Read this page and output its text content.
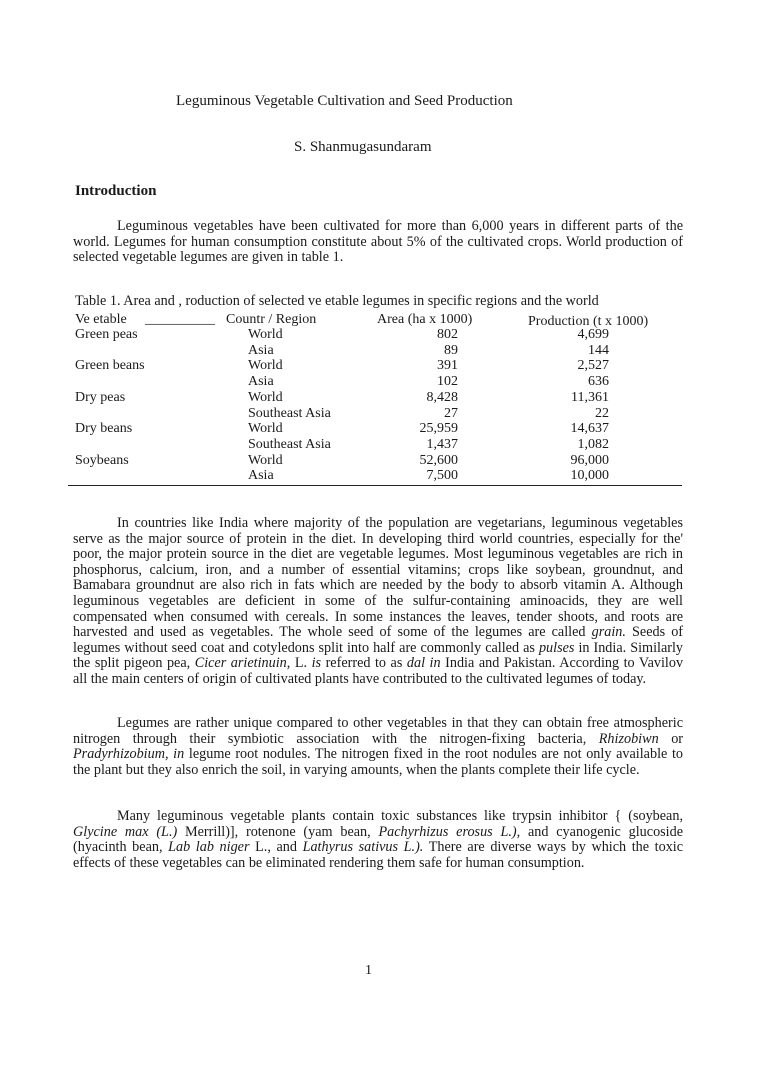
Leguminous Vegetable Cultivation and Seed Production
S. Shanmugasundaram
Introduction
Leguminous vegetables have been cultivated for more than 6,000 years in different parts of the world. Legumes for human consumption constitute about 5% of the cultivated crops. World production of selected vegetable legumes are given in table 1.
Table 1. Area and , roduction of selected ve etable legumes in specific regions and the world
Ve etable __________ Countr / Region	Area (ha x 1000)	Production (t x 1000)
Green peas

Green beans

Dry peas

Dry beans

Soybeans

World
Asia
World
Asia
World
Southeast Asia
World
Southeast Asia
World
Asia
802
89
391
102
8,428
27
25,959
1,437
52,600
7,500
4,699
144
2,527
636
11,361
22
14,637
1,082
96,000
10,000
In countries like India where majority of the population are vegetarians, leguminous vegetables serve as the major source of protein in the diet. In developing third world countries, especially for the' poor, the major protein source in the diet are vegetable legumes. Most leguminous vegetables are rich in phosphorus, calcium, iron, and a number of essential vitamins; crops like soybean, groundnut, and Bamabara groundnut are also rich in fats which are needed by the body to absorb vitamin A. Although leguminous vegetables are deficient in some of the sulfur-containing aminoacids, they are well compensated when consumed with cereals. In some instances the leaves, tender shoots, and roots are harvested and used as vegetables. The whole seed of some of the legumes are called grain. Seeds of legumes without seed coat and cotyledons split into half are commonly called as pulses in India. Similarly the split pigeon pea, Cicer arietinuin, L. is referred to as dal in India and Pakistan. According to Vavilov all the main centers of origin of cultivated plants have contributed to the cultivated legumes of today.
Legumes are rather unique compared to other vegetables in that they can obtain free atmospheric nitrogen through their symbiotic association with the nitrogen-fixing bacteria, Rhizobiwn or Pradyrhizobium, in legume root nodules. The nitrogen fixed in the root nodules are not only available to the plant but they also enrich the soil, in varying amounts, when the plants complete their life cycle.
Many leguminous vegetable plants contain toxic substances like trypsin inhibitor { (soybean, Glycine max (L.) Merrill)], rotenone (yam bean, Pachyrhizus erosus L.), and cyanogenic glucoside (hyacinth bean, Lab lab niger L., and Lathyrus sativus L.). There are diverse ways by which the toxic effects of these vegetables can be eliminated rendering them safe for human consumption.
1
